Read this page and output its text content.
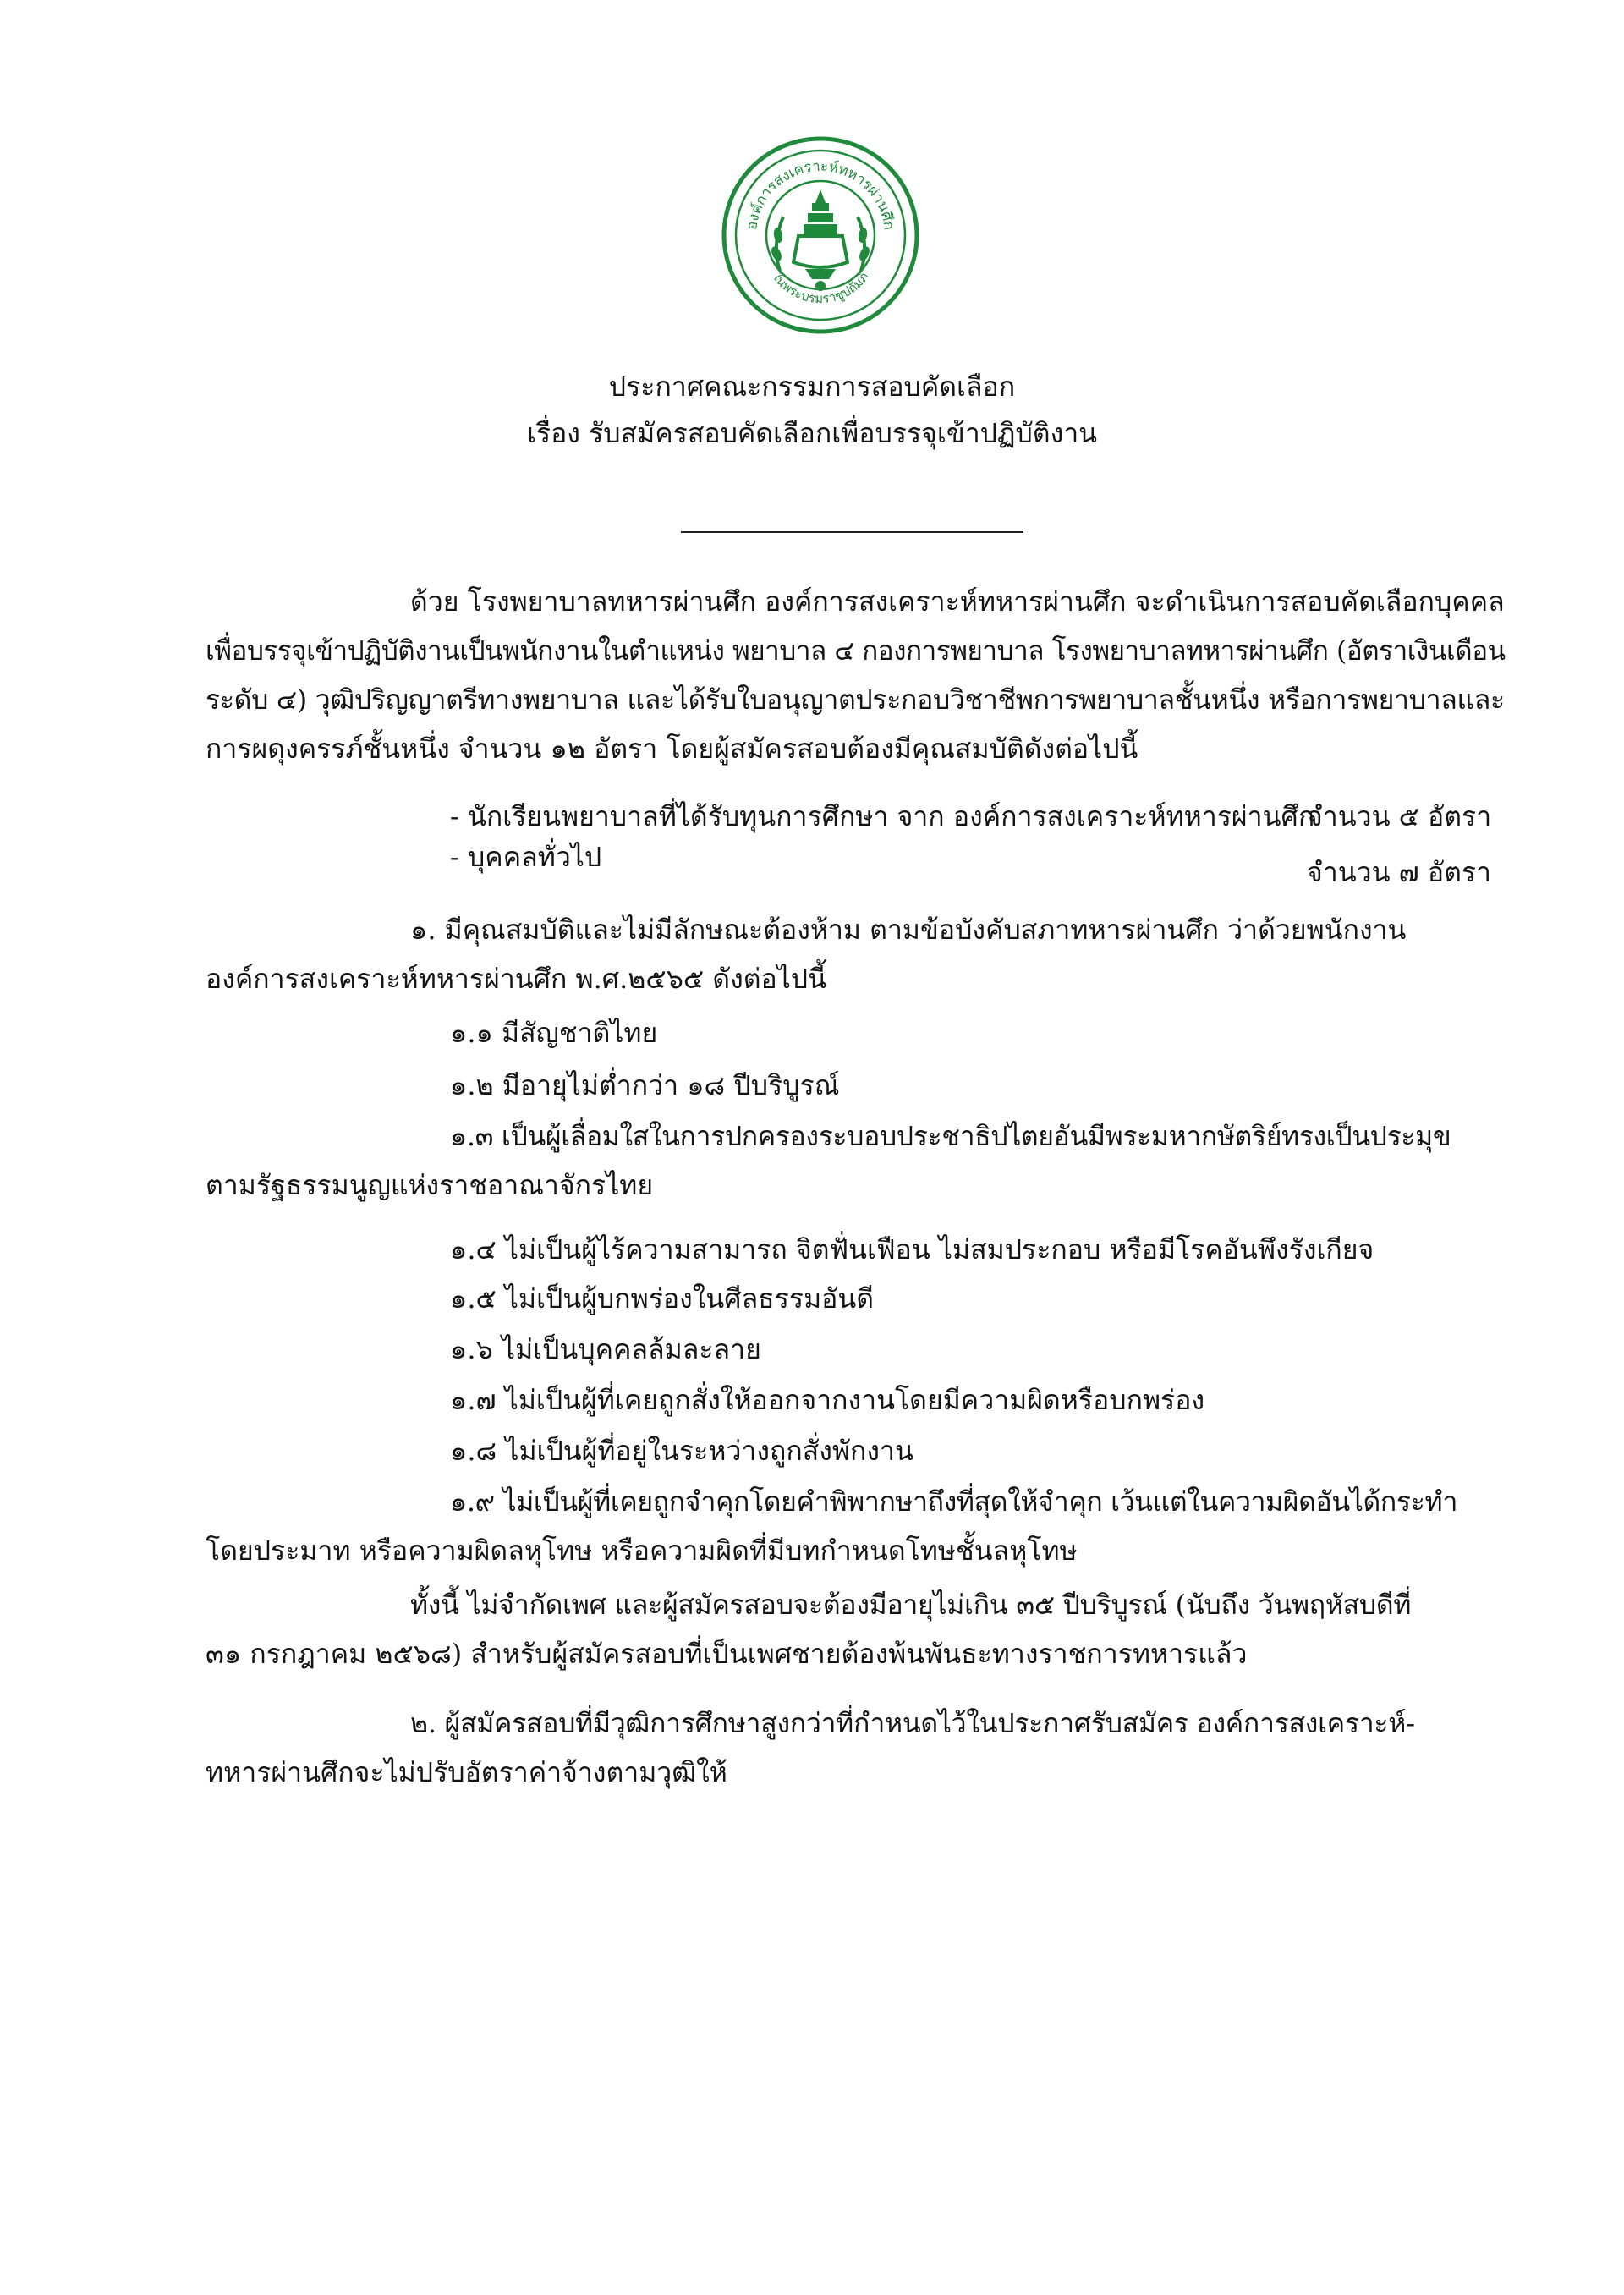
องค์การสงเคราะห์ทหารผ่านศึก
ในพระบรมราชูปถัมภ์
ประกาศคณะกรรมการสอบคัดเลือก
เรื่อง รับสมัครสอบคัดเลือกเพื่อบรรจุเข้าปฏิบัติงาน
ด้วย โรงพยาบาลทหารผ่านศึก องค์การสงเคราะห์ทหารผ่านศึก จะดำเนินการสอบคัดเลือกบุคคล
เพื่อบรรจุเข้าปฏิบัติงานเป็นพนักงานในตำแหน่ง พยาบาล ๔ กองการพยาบาล โรงพยาบาลทหารผ่านศึก (อัตราเงินเดือน
ระดับ ๔) วุฒิปริญญาตรีทางพยาบาล และได้รับใบอนุญาตประกอบวิชาชีพการพยาบาลชั้นหนึ่ง หรือการพยาบาลและ
การผดุงครรภ์ชั้นหนึ่ง จำนวน ๑๒ อัตรา โดยผู้สมัครสอบต้องมีคุณสมบัติดังต่อไปนี้
- นักเรียนพยาบาลที่ได้รับทุนการศึกษา จาก องค์การสงเคราะห์ทหารผ่านศึก
จำนวน ๕ อัตรา
- บุคคลทั่วไป	จำนวน ๗ อัตรา
๑. มีคุณสมบัติและไม่มีลักษณะต้องห้าม ตามข้อบังคับสภาทหารผ่านศึก ว่าด้วยพนักงาน
องค์การสงเคราะห์ทหารผ่านศึก พ.ศ.๒๕๖๕ ดังต่อไปนี้
๑.๑ มีสัญชาติไทย
๑.๒ มีอายุไม่ต่ำกว่า ๑๘ ปีบริบูรณ์
๑.๓ เป็นผู้เลื่อมใสในการปกครองระบอบประชาธิปไตยอันมีพระมหากษัตริย์ทรงเป็นประมุข
ตามรัฐธรรมนูญแห่งราชอาณาจักรไทย
๑.๔ ไม่เป็นผู้ไร้ความสามารถ จิตฟั่นเฟือน ไม่สมประกอบ หรือมีโรคอันพึงรังเกียจ
๑.๕ ไม่เป็นผู้บกพร่องในศีลธรรมอันดี
๑.๖ ไม่เป็นบุคคลล้มละลาย
๑.๗ ไม่เป็นผู้ที่เคยถูกสั่งให้ออกจากงานโดยมีความผิดหรือบกพร่อง
๑.๘ ไม่เป็นผู้ที่อยู่ในระหว่างถูกสั่งพักงาน
๑.๙ ไม่เป็นผู้ที่เคยถูกจำคุกโดยคำพิพากษาถึงที่สุดให้จำคุก เว้นแต่ในความผิดอันได้กระทำ
โดยประมาท หรือความผิดลหุโทษ หรือความผิดที่มีบทกำหนดโทษชั้นลหุโทษ
ทั้งนี้ ไม่จำกัดเพศ และผู้สมัครสอบจะต้องมีอายุไม่เกิน ๓๕ ปีบริบูรณ์ (นับถึง วันพฤหัสบดีที่
๓๑ กรกฎาคม ๒๕๖๘) สำหรับผู้สมัครสอบที่เป็นเพศชายต้องพ้นพันธะทางราชการทหารแล้ว
๒. ผู้สมัครสอบที่มีวุฒิการศึกษาสูงกว่าที่กำหนดไว้ในประกาศรับสมัคร องค์การสงเคราะห์-
ทหารผ่านศึกจะไม่ปรับอัตราค่าจ้างตามวุฒิให้
